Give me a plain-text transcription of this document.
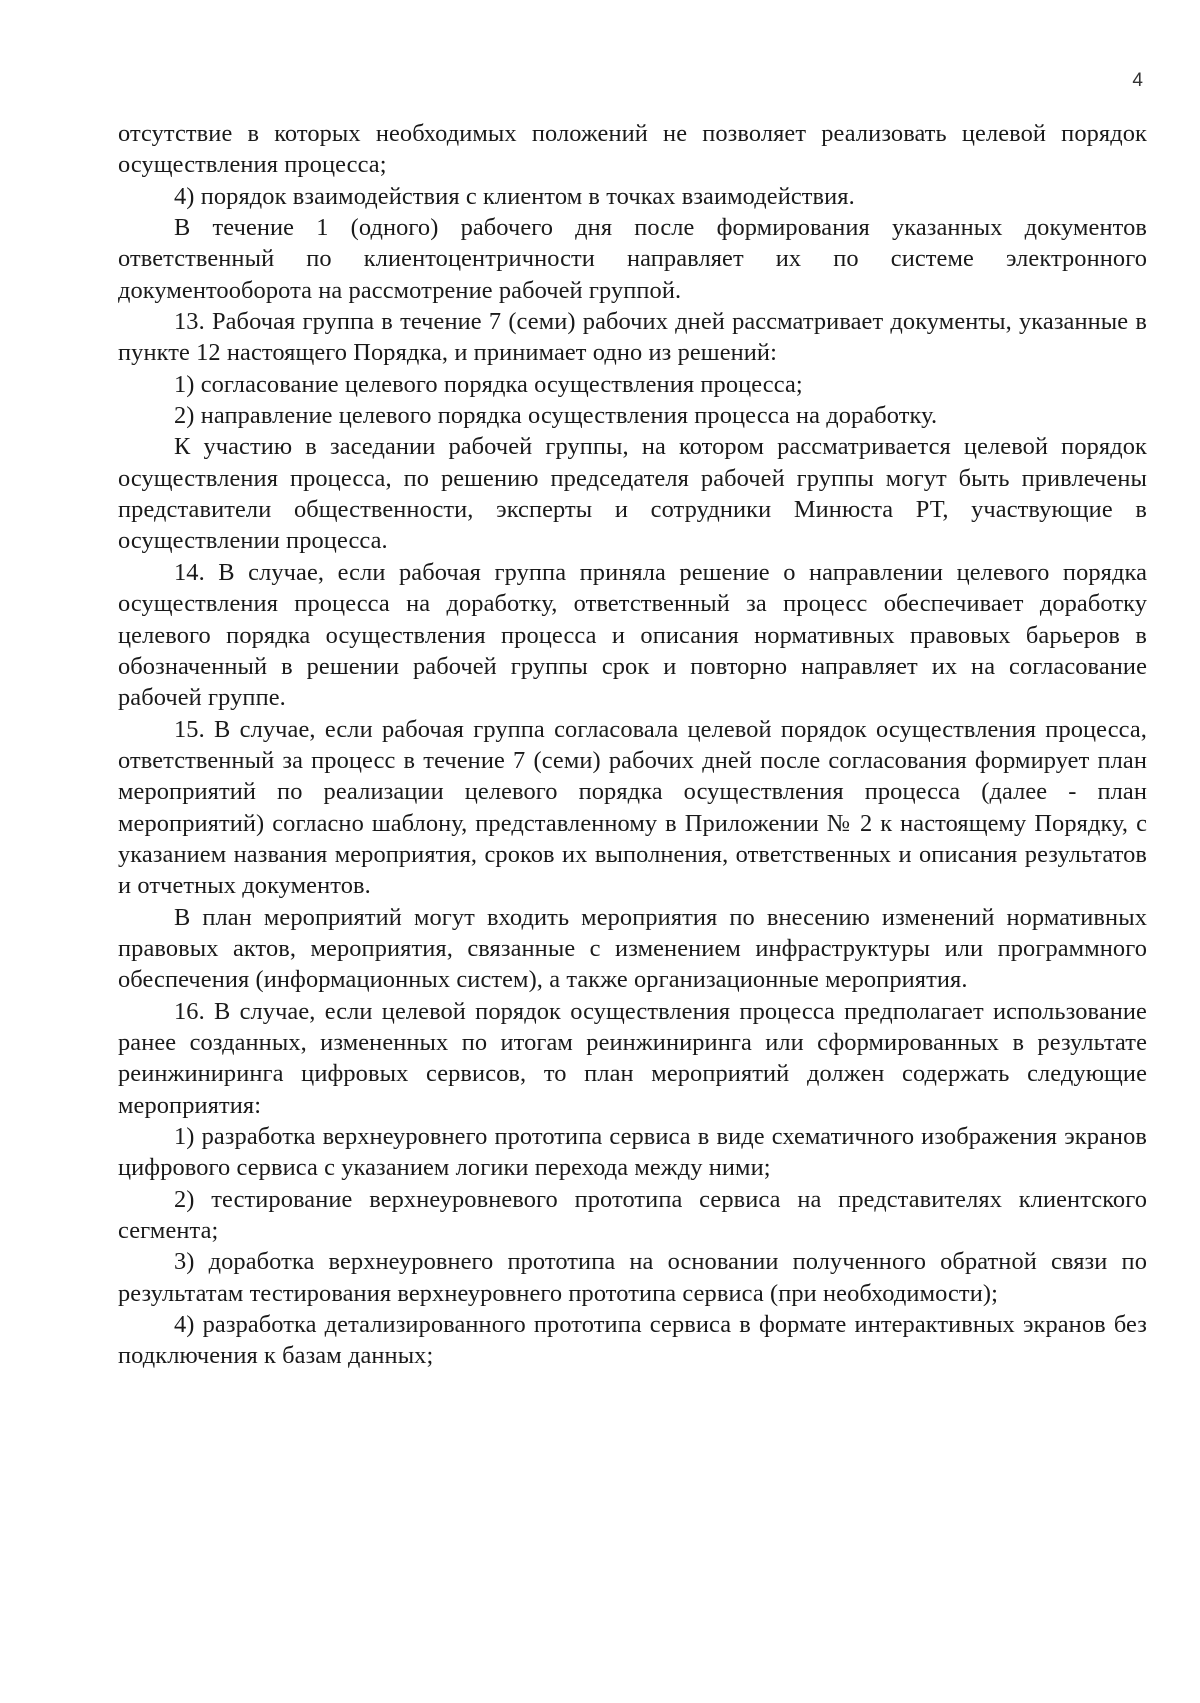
4

отсутствие в которых необходимых положений не позволяет реализовать целевой порядок осуществления процесса;

4) порядок взаимодействия с клиентом в точках взаимодействия.

В течение 1 (одного) рабочего дня после формирования указанных документов ответственный по клиентоцентричности направляет их по системе электронного документооборота на рассмотрение рабочей группой.

13. Рабочая группа в течение 7 (семи) рабочих дней рассматривает документы, указанные в пункте 12 настоящего Порядка, и принимает одно из решений:

1) согласование целевого порядка осуществления процесса;

2) направление целевого порядка осуществления процесса на доработку.

К участию в заседании рабочей группы, на котором рассматривается целевой порядок осуществления процесса, по решению председателя рабочей группы могут быть привлечены представители общественности, эксперты и сотрудники Минюста РТ, участвующие в осуществлении процесса.

14. В случае, если рабочая группа приняла решение о направлении целевого порядка осуществления процесса на доработку, ответственный за процесс обеспечивает доработку целевого порядка осуществления процесса и описания нормативных правовых барьеров в обозначенный в решении рабочей группы срок и повторно направляет их на согласование рабочей группе.

15. В случае, если рабочая группа согласовала целевой порядок осуществления процесса, ответственный за процесс в течение 7 (семи) рабочих дней после согласования формирует план мероприятий по реализации целевого порядка осуществления процесса (далее - план мероприятий) согласно шаблону, представленному в Приложении № 2 к настоящему Порядку, с указанием названия мероприятия, сроков их выполнения, ответственных и описания результатов и отчетных документов.

В план мероприятий могут входить мероприятия по внесению изменений нормативных правовых актов, мероприятия, связанные с изменением инфраструктуры или программного обеспечения (информационных систем), а также организационные мероприятия.

16. В случае, если целевой порядок осуществления процесса предполагает использование ранее созданных, измененных по итогам реинжиниринга или сформированных в результате реинжиниринга цифровых сервисов, то план мероприятий должен содержать следующие мероприятия:

1) разработка верхнеуровнего прототипа сервиса в виде схематичного изображения экранов цифрового сервиса с указанием логики перехода между ними;

2) тестирование верхнеуровневого прототипа сервиса на представителях клиентского сегмента;

3) доработка верхнеуровнего прототипа на основании полученного обратной связи по результатам тестирования верхнеуровнего прототипа сервиса (при необходимости);

4) разработка детализированного прототипа сервиса в формате интерактивных экранов без подключения к базам данных;
